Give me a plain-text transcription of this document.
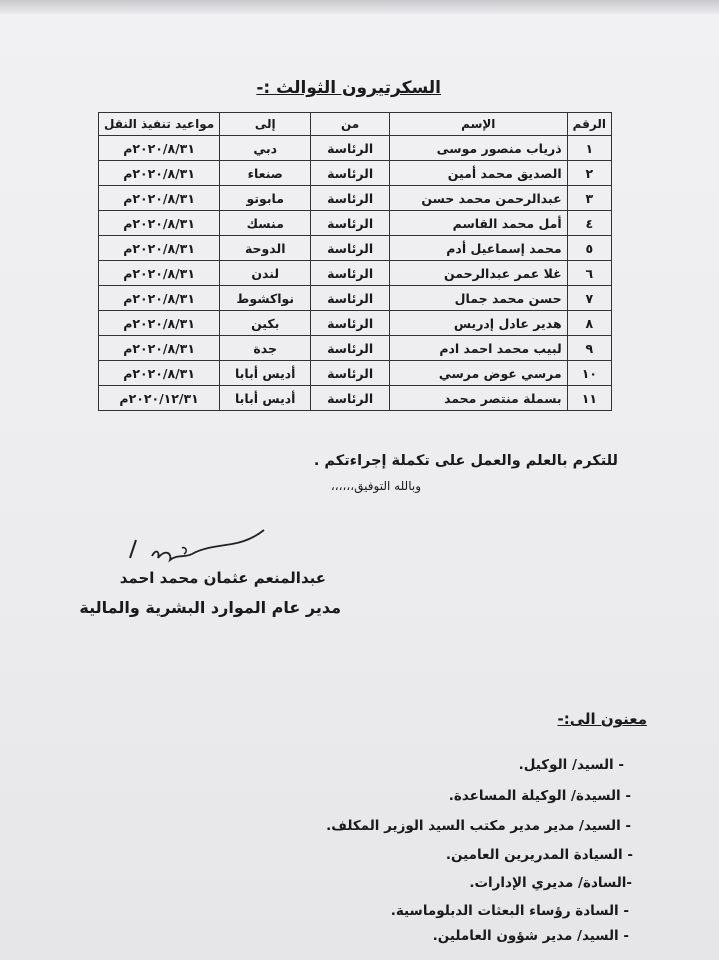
السكرتيرون الثوالث :-
الرقم	الإسم	من	إلى	مواعيد تنفيذ النقل
١	ذرياب منصور موسى	الرئاسة	دبي	٢٠٢٠/٨/٣١م
٢	الصديق محمد أمين	الرئاسة	صنعاء	٢٠٢٠/٨/٣١م
٣	عبدالرحمن محمد حسن	الرئاسة	مابوتو	٢٠٢٠/٨/٣١م
٤	أمل محمد القاسم	الرئاسة	منسك	٢٠٢٠/٨/٣١م
٥	محمد إسماعيل أدم	الرئاسة	الدوحة	٢٠٢٠/٨/٣١م
٦	غلا عمر عبدالرحمن	الرئاسة	لندن	٢٠٢٠/٨/٣١م
٧	حسن محمد جمال	الرئاسة	نواكشوط	٢٠٢٠/٨/٣١م
٨	هدير عادل إدريس	الرئاسة	بكين	٢٠٢٠/٨/٣١م
٩	لبيب محمد احمد ادم	الرئاسة	جدة	٢٠٢٠/٨/٣١م
١٠	مرسي عوض مرسي	الرئاسة	أديس أبابا	٢٠٢٠/٨/٣١م
١١	بسملة منتصر محمد	الرئاسة	أديس أبابا	٢٠٢٠/١٢/٣١م
للتكرم بالعلم والعمل على تكملة إجراءتكم .
وبالله التوفيق،،،،،،
عبدالمنعم عثمان محمد احمد
مدير عام الموارد البشرية والمالية
معنون الى:-
- السيد/ الوكيل.
- السيدة/ الوكيلة المساعدة.
- السيد/ مدير مدير مكتب السيد الوزير المكلف.
- السيادة المدريرين العامين.
-السادة/ مديري الإدارات.
- السادة رؤساء البعثات الدبلوماسية.
- السيد/ مدير شؤون العاملين.
